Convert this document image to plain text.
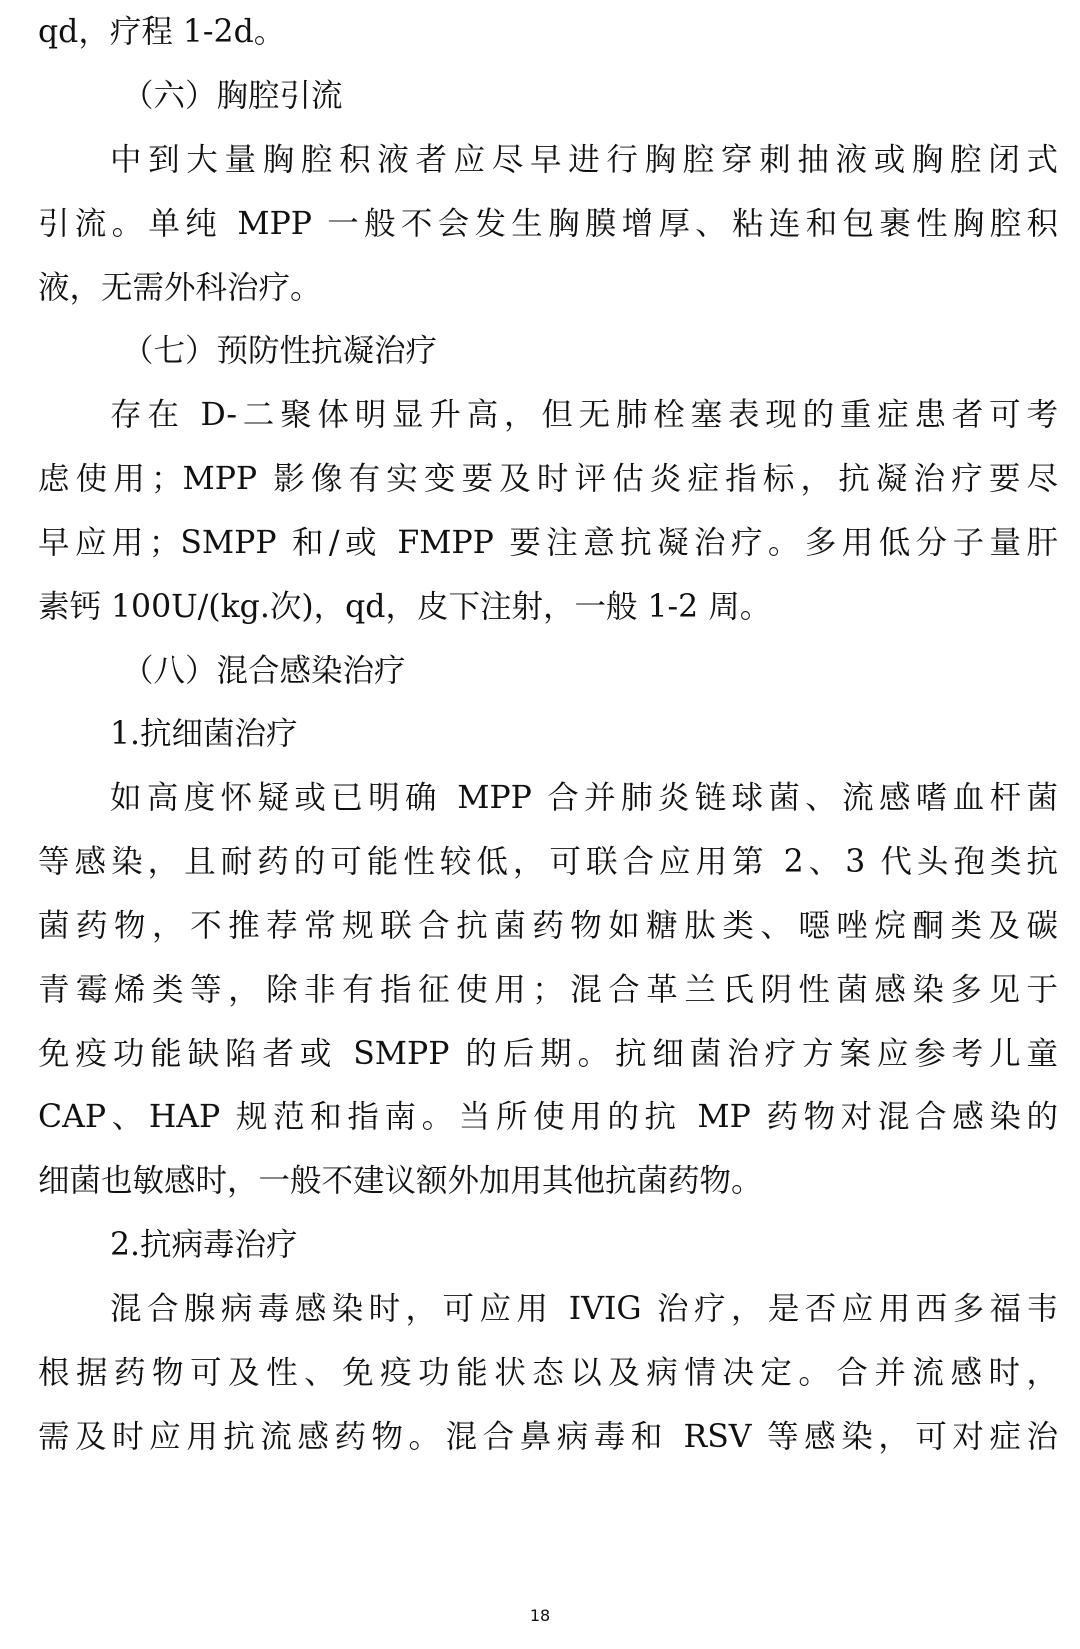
qd，疗程 1-2d。
（六）胸腔引流
中到大量胸腔积液者应尽早进行胸腔穿刺抽液或胸腔闭式
引流。单纯 MPP 一般不会发生胸膜增厚、粘连和包裹性胸腔积
液，无需外科治疗。
（七）预防性抗凝治疗
存在 D-二聚体明显升高，但无肺栓塞表现的重症患者可考
虑使用；MPP 影像有实变要及时评估炎症指标，抗凝治疗要尽
早应用；SMPP 和/或 FMPP 要注意抗凝治疗。多用低分子量肝
素钙 100U/(kg.次)，qd，皮下注射，一般 1-2 周。
（八）混合感染治疗
1.抗细菌治疗
如高度怀疑或已明确 MPP 合并肺炎链球菌、流感嗜血杆菌
等感染，且耐药的可能性较低，可联合应用第 2、3 代头孢类抗
菌药物，不推荐常规联合抗菌药物如糖肽类、噁唑烷酮类及碳
青霉烯类等，除非有指征使用；混合革兰氏阴性菌感染多见于
免疫功能缺陷者或 SMPP 的后期。抗细菌治疗方案应参考儿童
CAP、HAP 规范和指南。当所使用的抗 MP 药物对混合感染的
细菌也敏感时，一般不建议额外加用其他抗菌药物。
2.抗病毒治疗
混合腺病毒感染时，可应用 IVIG 治疗，是否应用西多福韦
根据药物可及性、免疫功能状态以及病情决定。合并流感时，
需及时应用抗流感药物。混合鼻病毒和 RSV 等感染，可对症治
18
